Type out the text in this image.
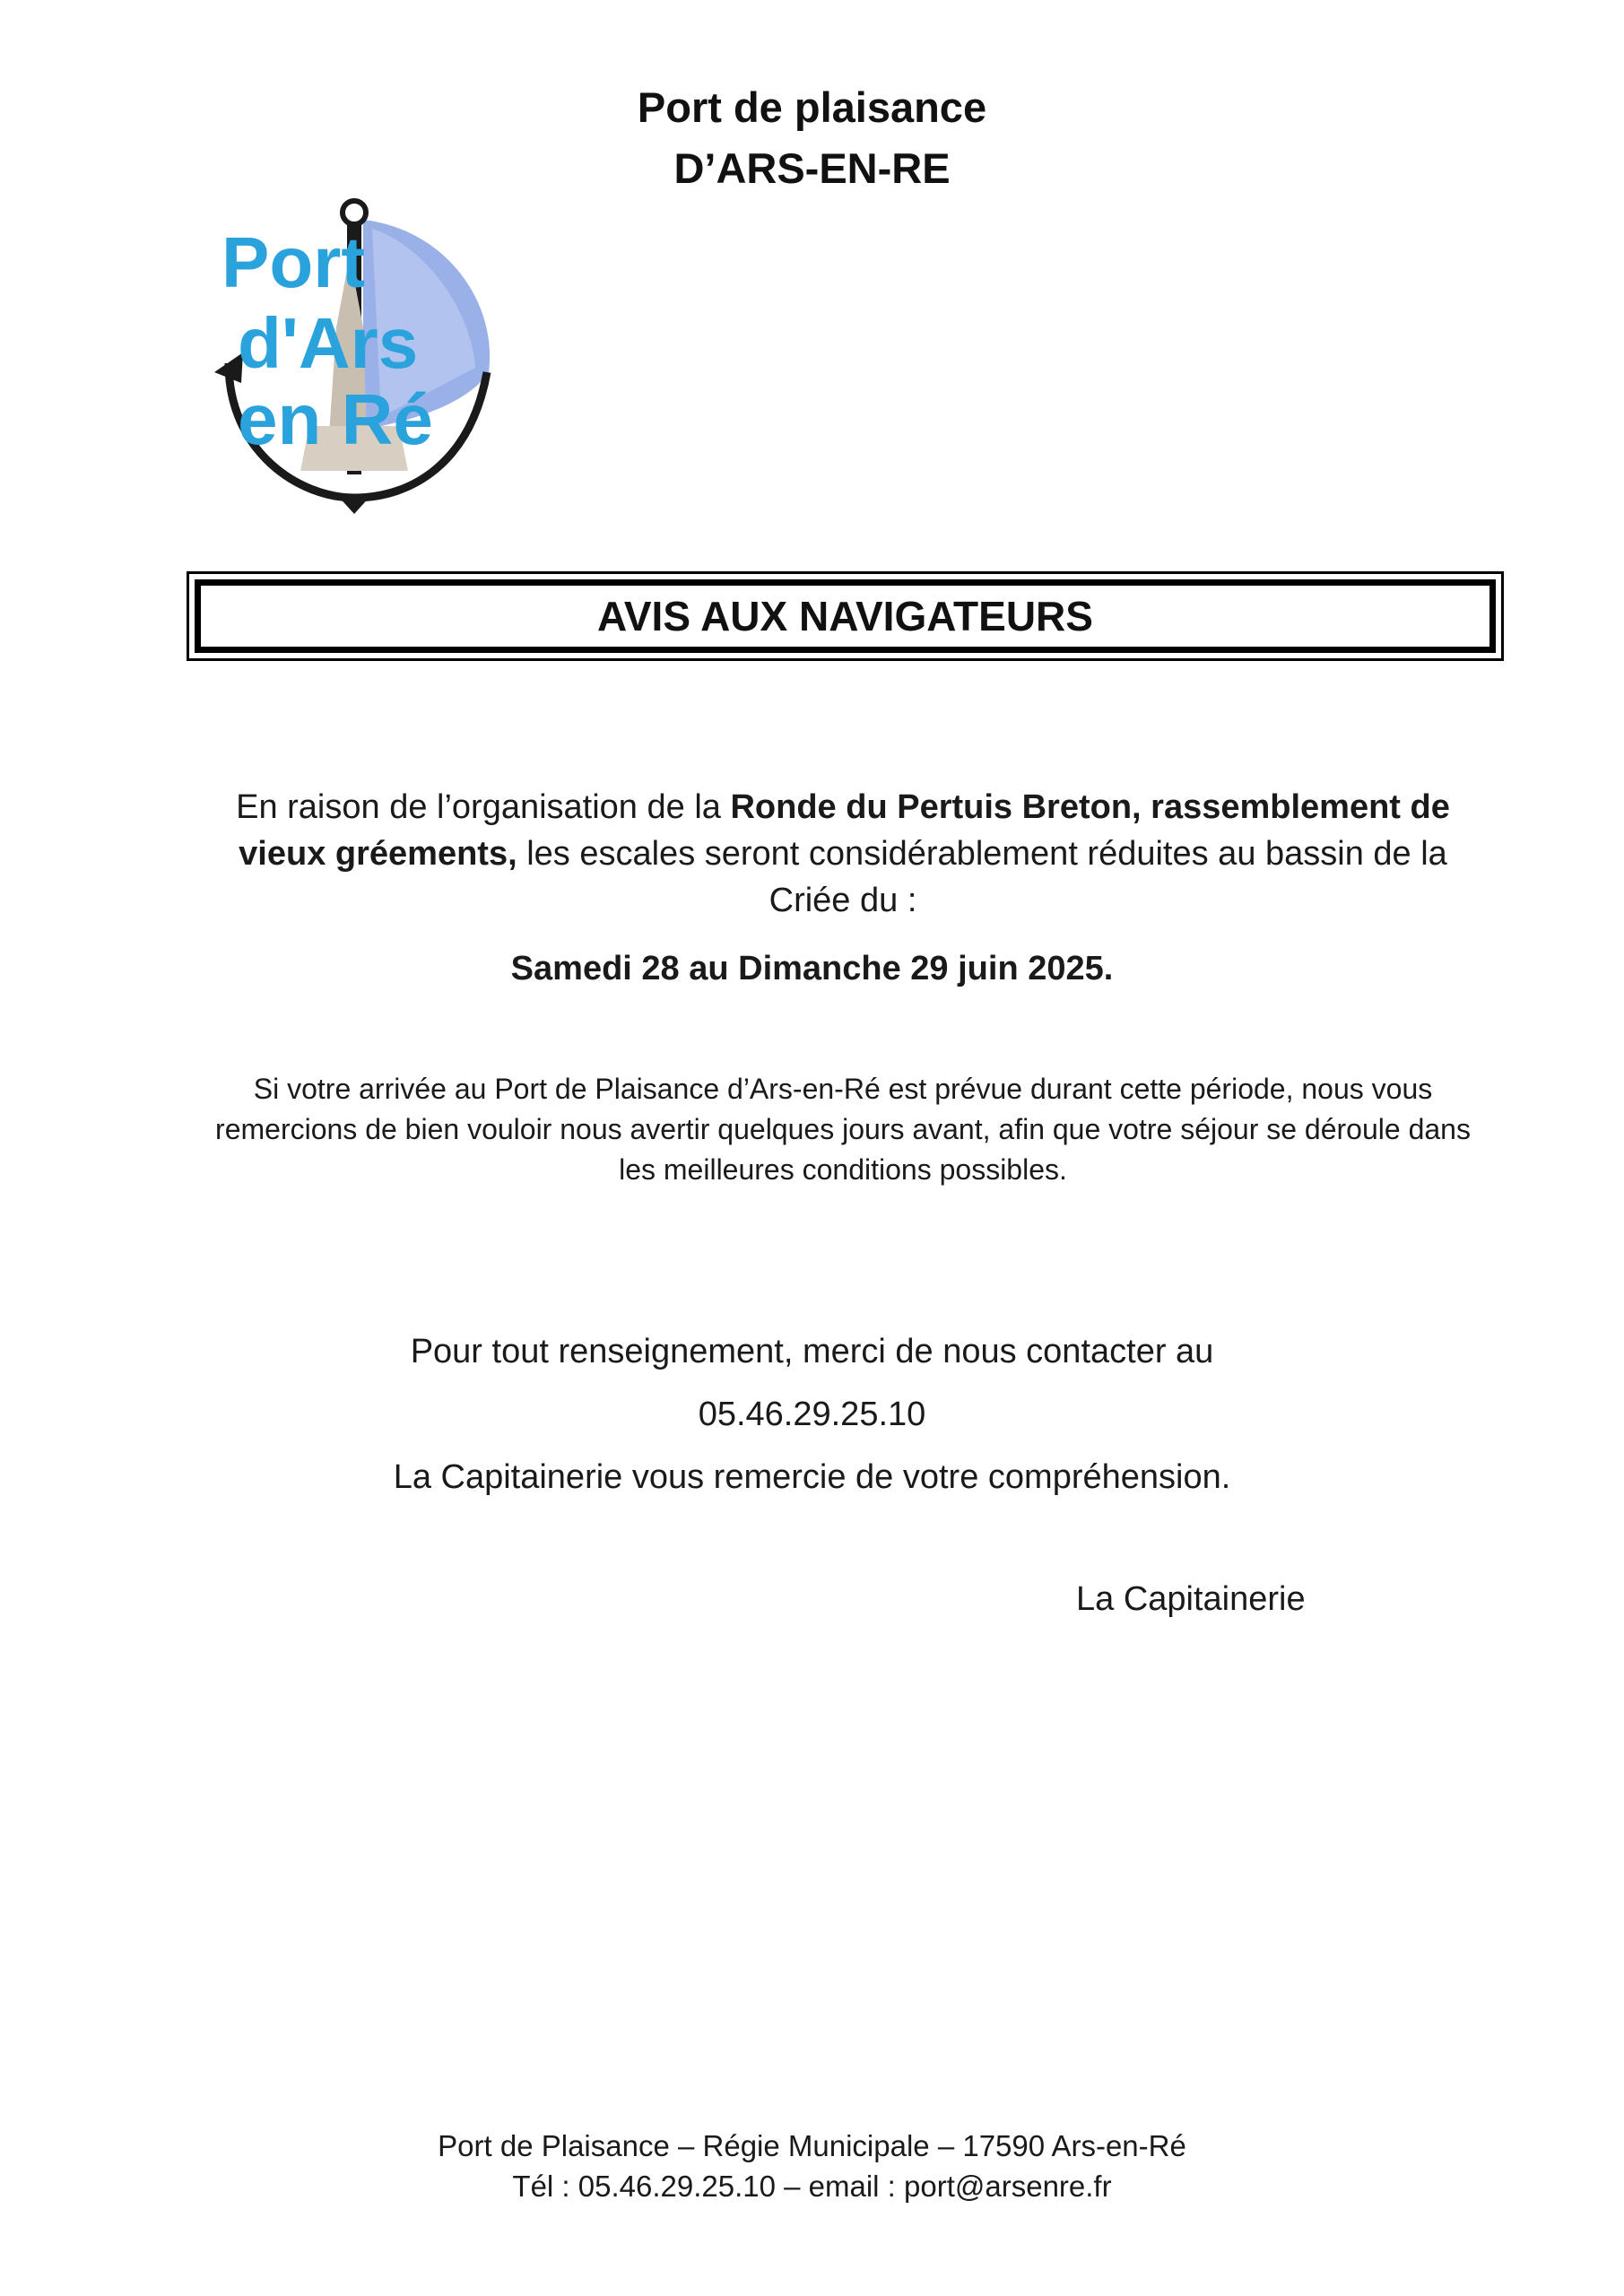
Port de plaisance
D’ARS-EN-RE
Port
d'Ars
en Ré
AVIS AUX NAVIGATEURS
En raison de l’organisation de la Ronde du Pertuis Breton, rassemblement de vieux gréements, les escales seront considérablement réduites au bassin de la Criée du :
Samedi 28 au Dimanche 29 juin 2025.
Si votre arrivée au Port de Plaisance d’Ars-en-Ré est prévue durant cette période, nous vous remercions de bien vouloir nous avertir quelques jours avant, afin que votre séjour se déroule dans les meilleures conditions possibles.
Pour tout renseignement, merci de nous contacter au
05.46.29.25.10
La Capitainerie vous remercie de votre compréhension.
La Capitainerie
Port de Plaisance – Régie Municipale – 17590 Ars-en-Ré
Tél : 05.46.29.25.10 – email : port@arsenre.fr
